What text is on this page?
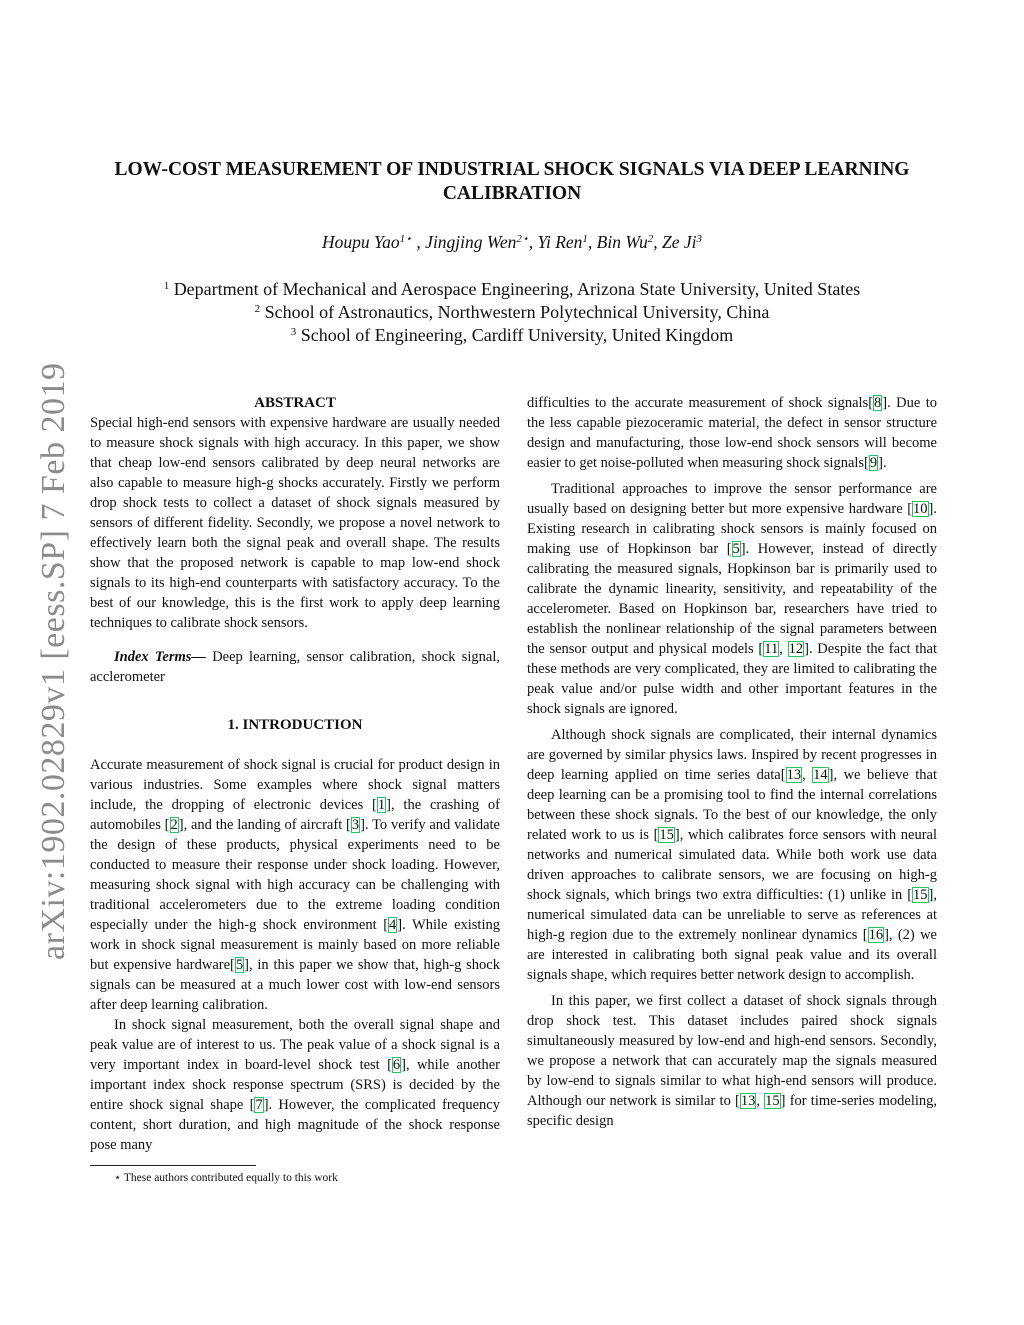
arXiv:1902.02829v1 [eess.SP] 7 Feb 2019
LOW-COST MEASUREMENT OF INDUSTRIAL SHOCK SIGNALS VIA DEEP LEARNING CALIBRATION
Houpu Yao$^{1⋆}$ , Jingjing Wen$^{2⋆}$, Yi Ren$^1$, Bin Wu$^2$, Ze Ji$^3$
$^1$ Department of Mechanical and Aerospace Engineering, Arizona State University, United States
$^2$ School of Astronautics, Northwestern Polytechnical University, China
$^3$ School of Engineering, Cardiff University, United Kingdom
ABSTRACT

Special high-end sensors with expensive hardware are usually needed to measure shock signals with high accuracy. In this paper, we show that cheap low-end sensors calibrated by deep neural networks are also capable to measure high-g shocks accurately. Firstly we perform drop shock tests to collect a dataset of shock signals measured by sensors of different fidelity. Secondly, we propose a novel network to effectively learn both the signal peak and overall shape. The results show that the proposed network is capable to map low-end shock signals to its high-end counterparts with satisfactory accuracy. To the best of our knowledge, this is the first work to apply deep learning techniques to calibrate shock sensors.

Index Terms— Deep learning, sensor calibration, shock signal, acclerometer

1. INTRODUCTION

Accurate measurement of shock signal is crucial for product design in various industries. Some examples where shock signal matters include, the dropping of electronic devices [1], the crashing of automobiles [2], and the landing of aircraft [3]. To verify and validate the design of these products, physical experiments need to be conducted to measure their response under shock loading. However, measuring shock signal with high accuracy can be challenging with traditional accelerometers due to the extreme loading condition especially under the high-g shock environment [4]. While existing work in shock signal measurement is mainly based on more reliable but expensive hardware[5], in this paper we show that, high-g shock signals can be measured at a much lower cost with low-end sensors after deep learning calibration.

In shock signal measurement, both the overall signal shape and peak value are of interest to us. The peak value of a shock signal is a very important index in board-level shock test [6], while another important index shock response spectrum (SRS) is decided by the entire shock signal shape [7]. However, the complicated frequency content, short duration, and high magnitude of the shock response pose many

⋆ These authors contributed equally to this work

difficulties to the accurate measurement of shock signals[8]. Due to the less capable piezoceramic material, the defect in sensor structure design and manufacturing, those low-end shock sensors will become easier to get noise-polluted when measuring shock signals[9].

Traditional approaches to improve the sensor performance are usually based on designing better but more expensive hardware [10]. Existing research in calibrating shock sensors is mainly focused on making use of Hopkinson bar [5]. However, instead of directly calibrating the measured signals, Hopkinson bar is primarily used to calibrate the dynamic linearity, sensitivity, and repeatability of the accelerometer. Based on Hopkinson bar, researchers have tried to establish the nonlinear relationship of the signal parameters between the sensor output and physical models [11, 12]. Despite the fact that these methods are very complicated, they are limited to calibrating the peak value and/or pulse width and other important features in the shock signals are ignored.

Although shock signals are complicated, their internal dynamics are governed by similar physics laws. Inspired by recent progresses in deep learning applied on time series data[13, 14], we believe that deep learning can be a promising tool to find the internal correlations between these shock signals. To the best of our knowledge, the only related work to us is [15], which calibrates force sensors with neural networks and numerical simulated data. While both work use data driven approaches to calibrate sensors, we are focusing on high-g shock signals, which brings two extra difficulties: (1) unlike in [15], numerical simulated data can be unreliable to serve as references at high-g region due to the extremely nonlinear dynamics [16], (2) we are interested in calibrating both signal peak value and its overall signals shape, which requires better network design to accomplish.

In this paper, we first collect a dataset of shock signals through drop shock test. This dataset includes paired shock signals simultaneously measured by low-end and high-end sensors. Secondly, we propose a network that can accurately map the signals measured by low-end to signals similar to what high-end sensors will produce. Although our network is similar to [13, 15] for time-series modeling, specific design
